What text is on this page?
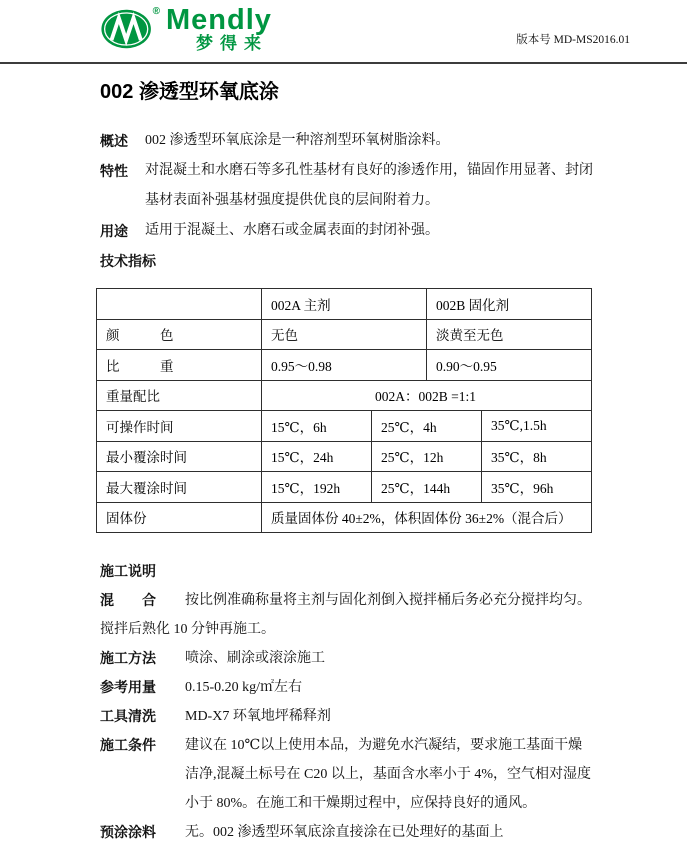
® Mendly
梦得来	版本号 MD-MS2016.01
002 渗透型环氧底涂
概述	002 渗透型环氧底涂是一种溶剂型环氧树脂涂料。
特性	对混凝土和水磨石等多孔性基材有良好的渗透作用，锚固作用显著、封闭
基材表面补强基材强度提供优良的层间附着力。
用途	适用于混凝土、水磨石或金属表面的封闭补强。
技术指标
	002A 主剂		002B 固化剂	
颜　　　色	无色		淡黄至无色	
比　　　重	0.95～0.98		0.90～0.95	
重量配比	002A：002B =1:1			
可操作时间	15℃，6h	25℃，4h		35℃,1.5h
最小覆涂时间	15℃，24h	25℃，12h		35℃，8h
最大覆涂时间	15℃，192h	25℃，144h		35℃，96h
固体份	质量固体份 40±2%，体积固体份 36±2%（混合后）			
施工说明
混　　合	按比例准确称量将主剂与固化剂倒入搅拌桶后务必充分搅拌均匀。
搅拌后熟化 10 分钟再施工。
施工方法	喷涂、刷涂或滚涂施工
参考用量	0.15-0.20 kg/㎡左右
工具清洗	MD-X7 环氧地坪稀释剂
施工条件	建议在 10℃以上使用本品，为避免水汽凝结，要求施工基面干燥
洁净,混凝土标号在 C20 以上，基面含水率小于 4%，空气相对湿度
小于 80%。在施工和干燥期过程中，应保持良好的通风。
预涂涂料	无。002 渗透型环氧底涂直接涂在已处理好的基面上
